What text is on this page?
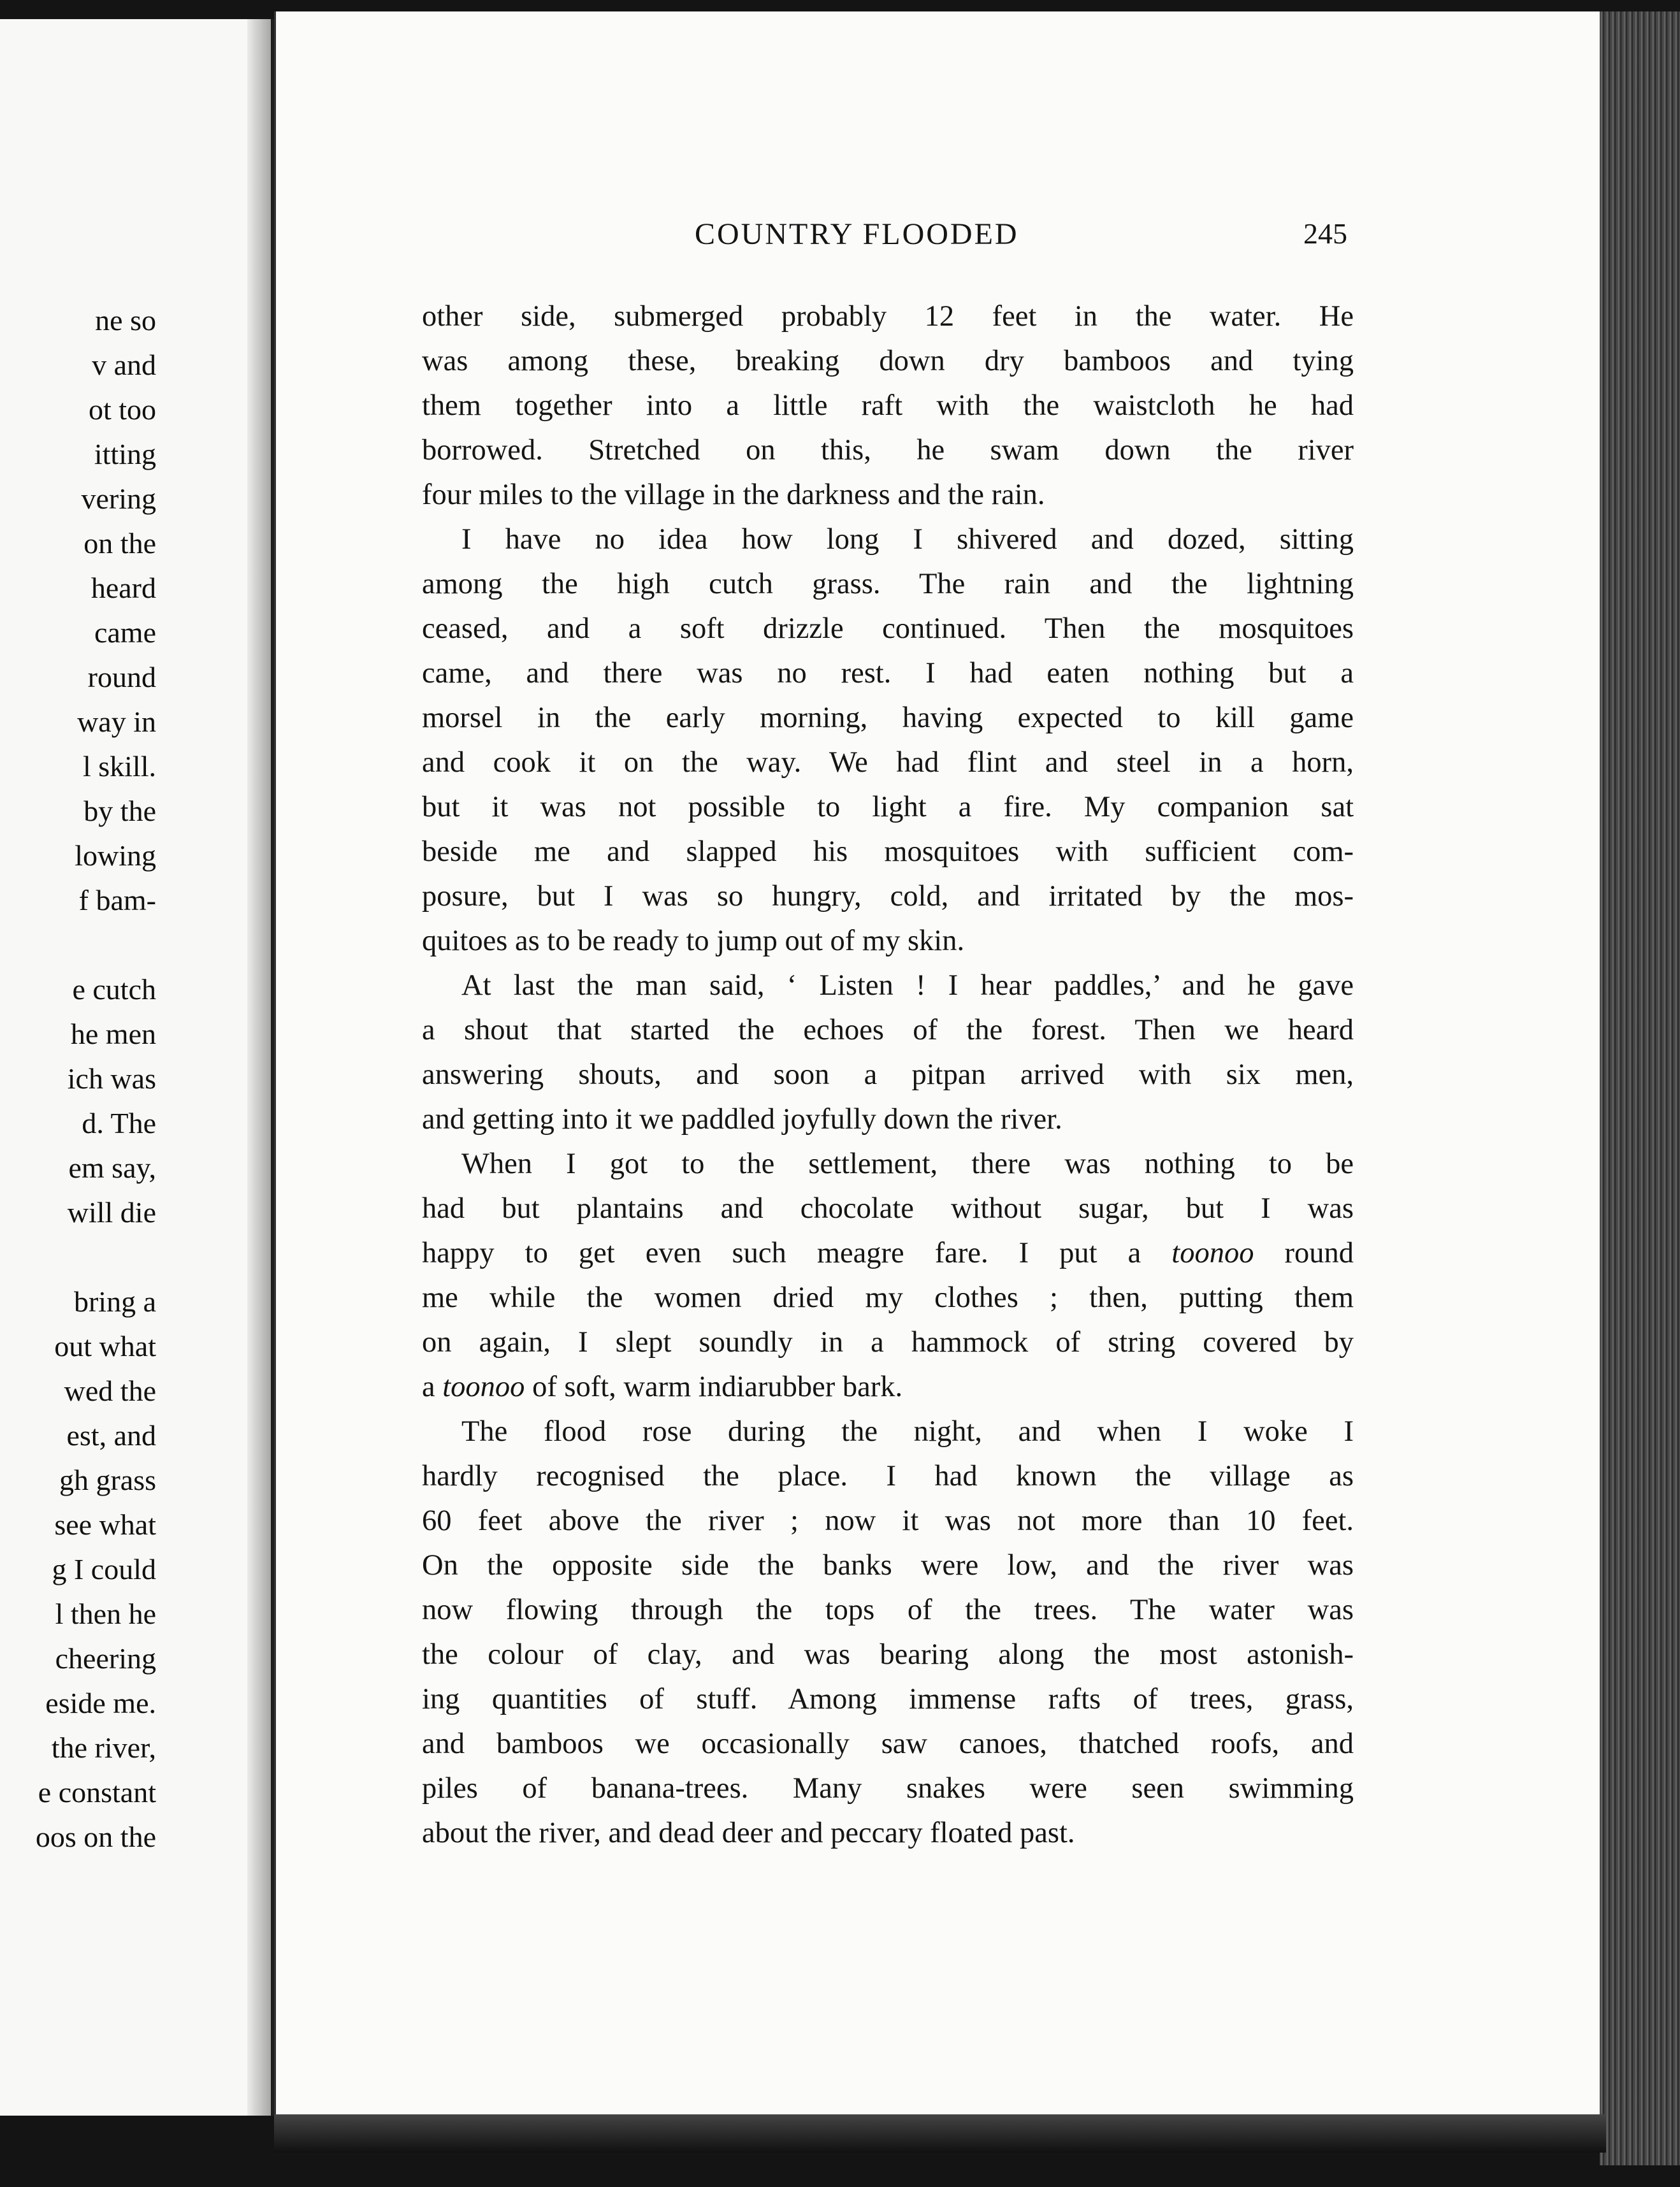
ne so
v and
ot too
itting
vering
on the
heard
came
round
way in
l skill.
by the
lowing
f bam-
e cutch
he men
ich was
d. The
em say,
will die
bring a
out what
wed the
est, and
gh grass
see what
g I could
l then he
cheering
eside me.
the river,
e constant
oos on the
COUNTRY FLOODED	245
other side, submerged probably 12 feet in the water. He
was among these, breaking down dry bamboos and tying
them together into a little raft with the waistcloth he had
borrowed. Stretched on this, he swam down the river
four miles to the village in the darkness and the rain.
I have no idea how long I shivered and dozed, sitting
among the high cutch grass. The rain and the lightning
ceased, and a soft drizzle continued. Then the mosquitoes
came, and there was no rest. I had eaten nothing but a
morsel in the early morning, having expected to kill game
and cook it on the way. We had flint and steel in a horn,
but it was not possible to light a fire. My companion sat
beside me and slapped his mosquitoes with sufficient com-
posure, but I was so hungry, cold, and irritated by the mos-
quitoes as to be ready to jump out of my skin.
At last the man said, ‘ Listen ! I hear paddles,’ and he gave
a shout that started the echoes of the forest. Then we heard
answering shouts, and soon a pitpan arrived with six men,
and getting into it we paddled joyfully down the river.
When I got to the settlement, there was nothing to be
had but plantains and chocolate without sugar, but I was
happy to get even such meagre fare. I put a toonoo round
me while the women dried my clothes ; then, putting them
on again, I slept soundly in a hammock of string covered by
a toonoo of soft, warm indiarubber bark.
The flood rose during the night, and when I woke I
hardly recognised the place. I had known the village as
60 feet above the river ; now it was not more than 10 feet.
On the opposite side the banks were low, and the river was
now flowing through the tops of the trees. The water was
the colour of clay, and was bearing along the most astonish-
ing quantities of stuff. Among immense rafts of trees, grass,
and bamboos we occasionally saw canoes, thatched roofs, and
piles of banana-trees. Many snakes were seen swimming
about the river, and dead deer and peccary floated past.
